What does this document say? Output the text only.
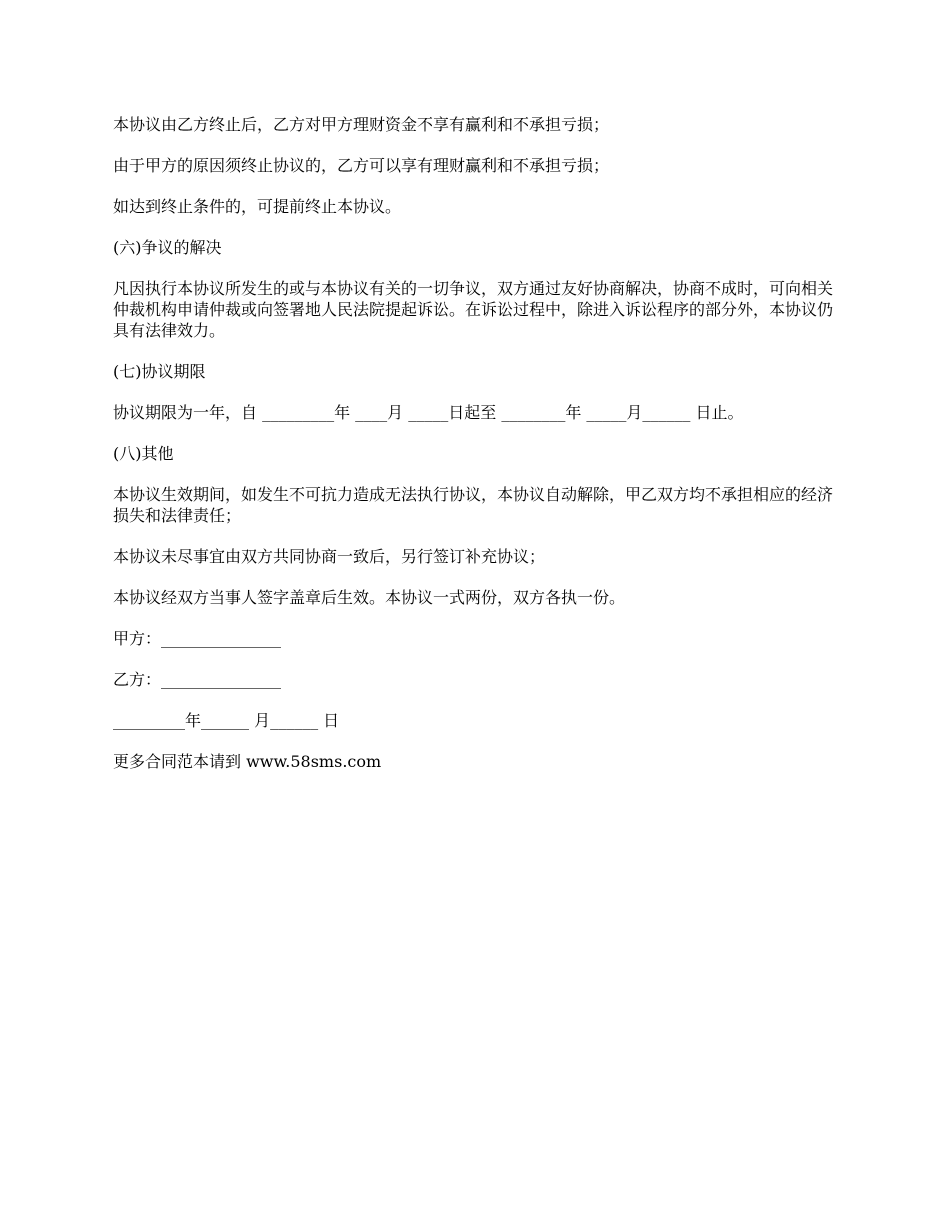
本协议由乙方终止后，乙方对甲方理财资金不享有赢利和不承担亏损；

由于甲方的原因须终止协议的，乙方可以享有理财赢利和不承担亏损；

如达到终止条件的，可提前终止本协议。

(六)争议的解决

凡因执行本协议所发生的或与本协议有关的一切争议，双方通过友好协商解决，协商不成时，可向相关仲裁机构申请仲裁或向签署地人民法院提起诉讼。在诉讼过程中，除进入诉讼程序的部分外，本协议仍具有法律效力。

(七)协议期限

协议期限为一年，自 _________年 ____月 _____日起至 ________年 _____月______ 日止。

(八)其他

本协议生效期间，如发生不可抗力造成无法执行协议，本协议自动解除，甲乙双方均不承担相应的经济损失和法律责任；

本协议未尽事宜由双方共同协商一致后，另行签订补充协议；

本协议经双方当事人签字盖章后生效。本协议一式两份，双方各执一份。

甲方：_______________

乙方：_______________

_________年______ 月______ 日

更多合同范本请到 www.58sms.com
